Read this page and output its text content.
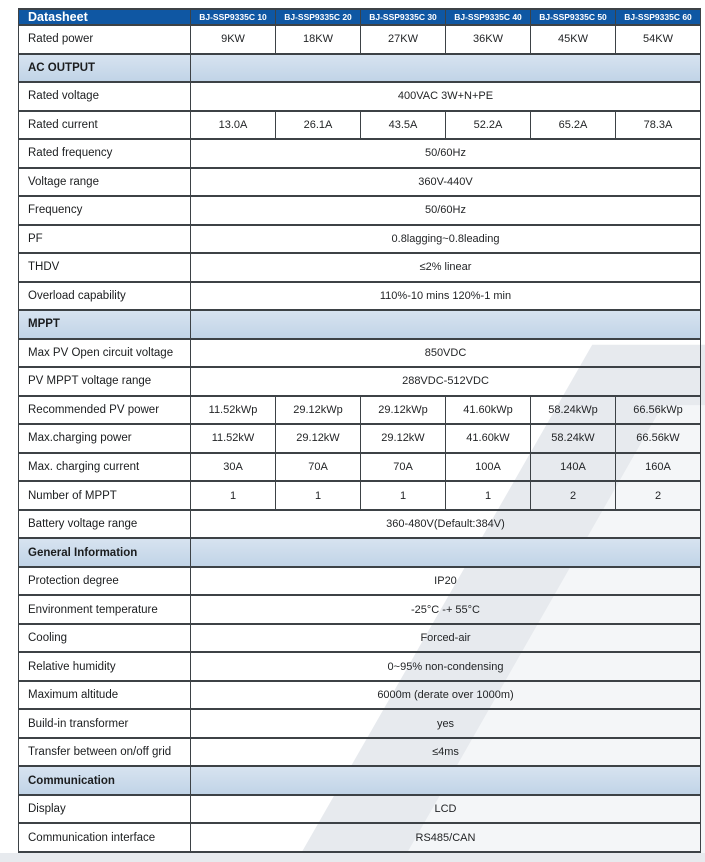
Datasheet	BJ-SSP9335C 10	BJ-SSP9335C 20	BJ-SSP9335C 30	BJ-SSP9335C 40	BJ-SSP9335C 50	BJ-SSP9335C 60
Rated power	9KW	18KW	27KW	36KW	45KW	54KW
AC OUTPUT						
Rated voltage	400VAC 3W+N+PE					
Rated current	13.0A	26.1A	43.5A	52.2A	65.2A	78.3A
Rated frequency	50/60Hz					
Voltage range	360V-440V					
Frequency	50/60Hz					
PF	0.8lagging~0.8leading					
THDV	≤2% linear					
Overload capability	110%-10 mins 120%-1 min					
MPPT						
Max PV Open circuit voltage	850VDC					
PV MPPT voltage range	288VDC-512VDC					
Recommended PV power	11.52kWp	29.12kWp	29.12kWp	41.60kWp	58.24kWp	66.56kWp
Max.charging power	11.52kW	29.12kW	29.12kW	41.60kW	58.24kW	66.56kW
Max. charging current	30A	70A	70A	100A	140A	160A
Number of MPPT	1	1	1	1	2	2
Battery voltage range	360-480V(Default:384V)					
General Information						
Protection degree	IP20					
Environment temperature	-25°C -+ 55°C					
Cooling	Forced-air					
Relative humidity	0~95% non-condensing					
Maximum altitude	6000m (derate over 1000m)					
Build-in transformer	yes					
Transfer between on/off grid	≤4ms					
Communication						
Display	LCD					
Communication interface	RS485/CAN					
